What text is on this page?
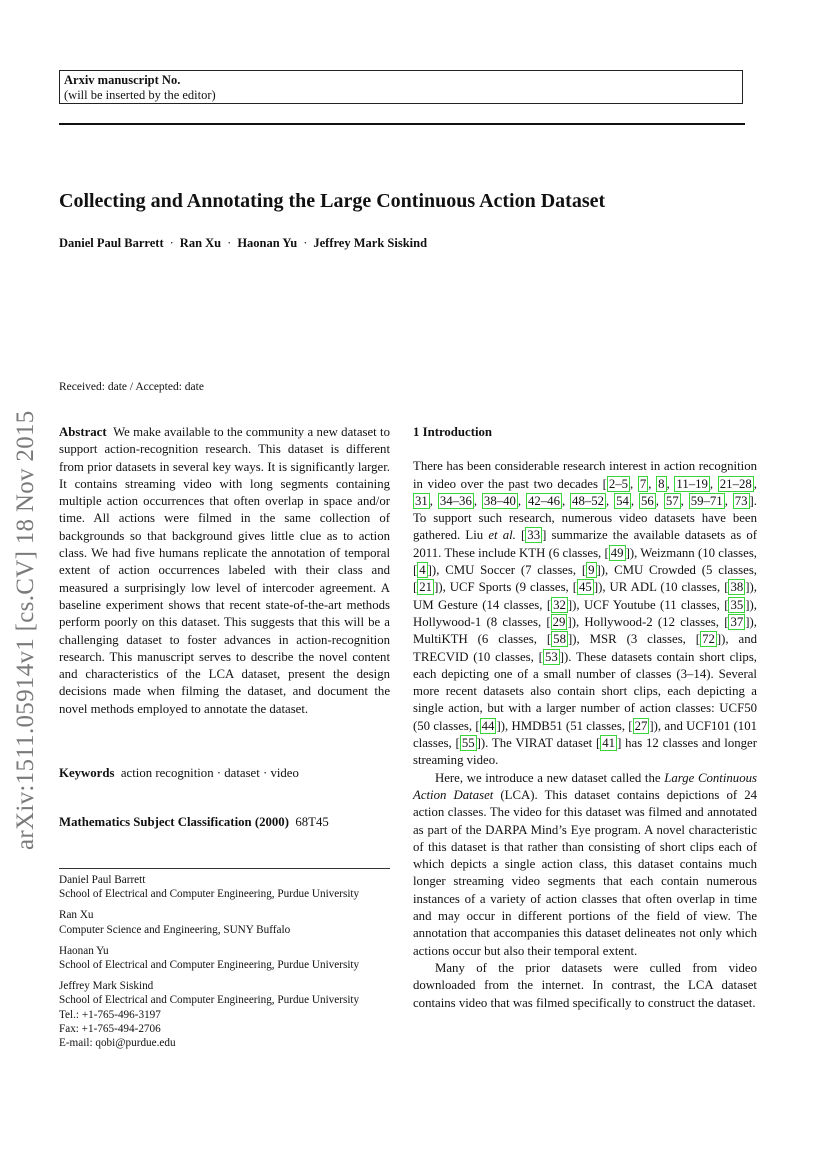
Arxiv manuscript No.
(will be inserted by the editor)
Collecting and Annotating the Large Continuous Action Dataset
Daniel Paul Barrett · Ran Xu · Haonan Yu · Jeffrey Mark Siskind
arXiv:1511.05914v1 [cs.CV] 18 Nov 2015
Received: date / Accepted: date

Abstract We make available to the community a new dataset to support action-recognition research. This dataset is different from prior datasets in several key ways. It is significantly larger. It contains streaming video with long segments containing multiple action occurrences that often overlap in space and/or time. All actions were filmed in the same collection of backgrounds so that background gives little clue as to action class. We had five humans replicate the annotation of temporal extent of action occurrences labeled with their class and measured a surprisingly low level of intercoder agreement. A baseline experiment shows that recent state-of-the-art methods perform poorly on this dataset. This suggests that this will be a challenging dataset to foster advances in action-recognition research. This manuscript serves to describe the novel content and characteristics of the LCA dataset, present the design decisions made when filming the dataset, and document the novel methods employed to annotate the dataset.

Keywords action recognition · dataset · video
Mathematics Subject Classification (2000) 68T45
Daniel Paul Barrett
School of Electrical and Computer Engineering, Purdue University
Ran Xu
Computer Science and Engineering, SUNY Buffalo
Haonan Yu
School of Electrical and Computer Engineering, Purdue University
Jeffrey Mark Siskind
School of Electrical and Computer Engineering, Purdue University
Tel.: +1-765-496-3197
Fax: +1-765-494-2706
E-mail: qobi@purdue.edu

1 Introduction

There has been considerable research interest in action recognition in video over the past two decades [ 2–5 , 7 , 8 , 11–19 , 21–28 , 31 , 34–36 , 38–40 , 42–46 , 48–52 , 54 , 56 , 57 , 59–71 , 73 ]. To support such research, numerous video datasets have been gathered. Liu et al. [ 33 ] summarize the available datasets as of 2011. These include KTH (6 classes, [ 49 ]), Weizmann (10 classes, [ 4 ]), CMU Soccer (7 classes, [ 9 ]), CMU Crowded (5 classes, [ 21 ]), UCF Sports (9 classes, [ 45 ]), UR ADL (10 classes, [ 38 ]), UM Gesture (14 classes, [ 32 ]), UCF Youtube (11 classes, [ 35 ]), Hollywood-1 (8 classes, [ 29 ]), Hollywood-2 (12 classes, [ 37 ]), MultiKTH (6 classes, [ 58 ]), MSR (3 classes, [ 72 ]), and TRECVID (10 classes, [ 53 ]). These datasets contain short clips, each depicting one of a small number of classes (3–14). Several more recent datasets also contain short clips, each depicting a single action, but with a larger number of action classes: UCF50 (50 classes, [ 44 ]), HMDB51 (51 classes, [ 27 ]), and UCF101 (101 classes, [ 55 ]). The VIRAT dataset [ 41 ] has 12 classes and longer streaming video.

Here, we introduce a new dataset called the Large Continuous Action Dataset (LCA). This dataset contains depictions of 24 action classes. The video for this dataset was filmed and annotated as part of the DARPA Mind’s Eye program. A novel characteristic of this dataset is that rather than consisting of short clips each of which depicts a single action class, this dataset contains much longer streaming video segments that each contain numerous instances of a variety of action classes that often overlap in time and may occur in different portions of the field of view. The annotation that accompanies this dataset delineates not only which actions occur but also their temporal extent.

Many of the prior datasets were culled from video downloaded from the internet. In contrast, the LCA dataset contains video that was filmed specifically to construct the dataset.
